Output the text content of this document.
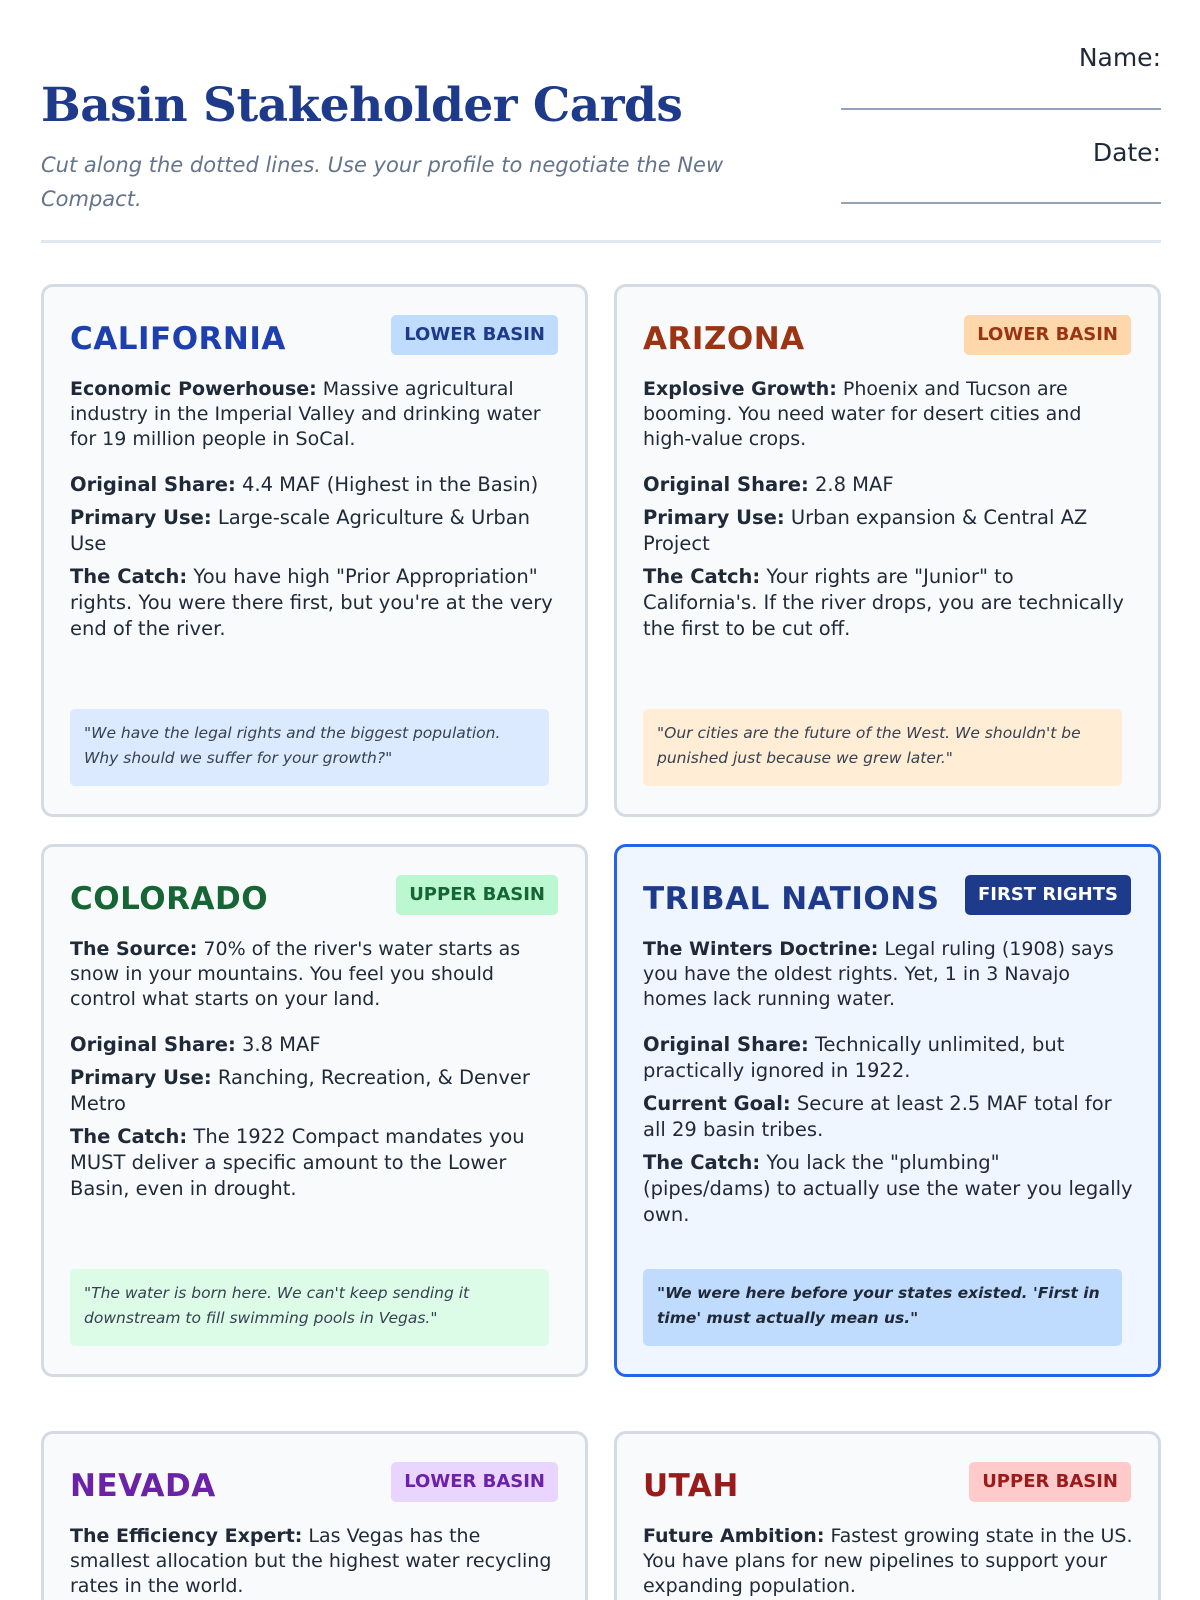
Basin Stakeholder Cards
Cut along the dotted lines. Use your profile to negotiate the New Compact.
Name:
Date:
CALIFORNIA	LOWER BASIN

Economic Powerhouse: Massive agricultural industry in the Imperial Valley and drinking water for 19 million people in SoCal.

Original Share: 4.4 MAF (Highest in the Basin)

Primary Use: Large-scale Agriculture & Urban Use

The Catch: You have high "Prior Appropriation" rights. You were there first, but you're at the very end of the river.

"We have the legal rights and the biggest population. Why should we suffer for your growth?"
ARIZONA	LOWER BASIN

Explosive Growth: Phoenix and Tucson are booming. You need water for desert cities and high-value crops.

Original Share: 2.8 MAF

Primary Use: Urban expansion & Central AZ Project

The Catch: Your rights are "Junior" to California's. If the river drops, you are technically the first to be cut off.

"Our cities are the future of the West. We shouldn't be punished just because we grew later."
COLORADO	UPPER BASIN

The Source: 70% of the river's water starts as snow in your mountains. You feel you should control what starts on your land.

Original Share: 3.8 MAF

Primary Use: Ranching, Recreation, & Denver Metro

The Catch: The 1922 Compact mandates you MUST deliver a specific amount to the Lower Basin, even in drought.

"The water is born here. We can't keep sending it downstream to fill swimming pools in Vegas."
TRIBAL NATIONS	FIRST RIGHTS

The Winters Doctrine: Legal ruling (1908) says you have the oldest rights. Yet, 1 in 3 Navajo homes lack running water.

Original Share: Technically unlimited, but practically ignored in 1922.

Current Goal: Secure at least 2.5 MAF total for all 29 basin tribes.

The Catch: You lack the "plumbing" (pipes/dams) to actually use the water you legally own.

"We were here before your states existed. 'First in time' must actually mean us."
NEVADA	LOWER BASIN

The Efficiency Expert: Las Vegas has the smallest allocation but the highest water recycling rates in the world.

UTAH	UPPER BASIN

Future Ambition: Fastest growing state in the US. You have plans for new pipelines to support your expanding population.
